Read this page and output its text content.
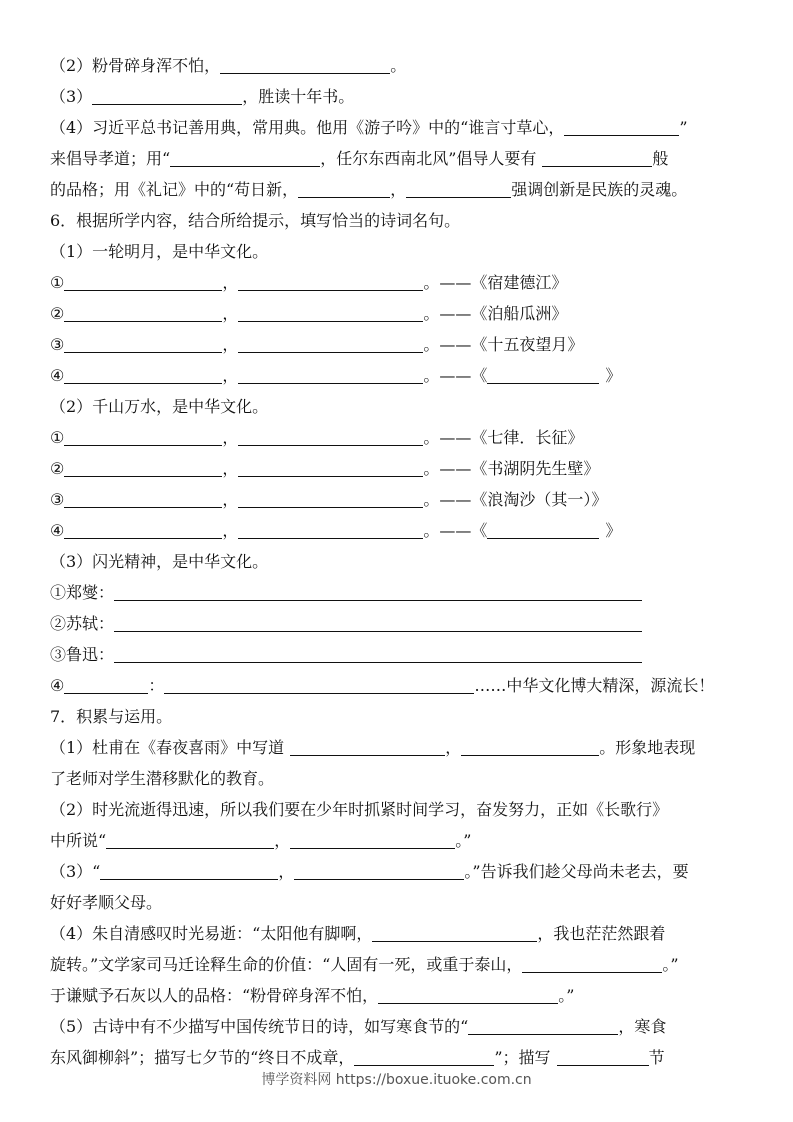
（2）粉骨碎身浑不怕，	。
（3）	，胜读十年书。
（4）习近平总书记善用典，常用典。他用《游子吟》中的“谁言寸草心，	”
来倡导孝道；用“	，任尔东西南北风”倡导人要有	般
的品格；用《礼记》中的“苟日新，	，	强调创新是民族的灵魂。
6．根据所学内容，结合所给提示，填写恰当的诗词名句。
（1）一轮明月，是中华文化。
①	，	。——《宿建德江》
②	，	。——《泊船瓜洲》
③	，	。——《十五夜望月》
④	，	。——《	》
（2）千山万水，是中华文化。
①	，	。——《七律．长征》
②	，	。——《书湖阴先生壁》
③	，	。——《浪淘沙（其一）》
④	，	。——《	》
（3）闪光精神，是中华文化。
①郑燮：
②苏轼：
③鲁迅：
④	：	……中华文化博大精深，源流长！
7．积累与运用。
（1）杜甫在《春夜喜雨》中写道	，	。形象地表现
了老师对学生潜移默化的教育。
（2）时光流逝得迅速，所以我们要在少年时抓紧时间学习，奋发努力，正如《长歌行》
中所说“	，	。”
（3）“	，	。”告诉我们趁父母尚未老去，要
好好孝顺父母。
（4）朱自清感叹时光易逝：“太阳他有脚啊，	，我也茫茫然跟着
旋转。”文学家司马迁诠释生命的价值：“人固有一死，或重于泰山，	。”
于谦赋予石灰以人的品格：“粉骨碎身浑不怕，	。”
（5）古诗中有不少描写中国传统节日的诗，如写寒食节的“	，寒食
东风御柳斜”；描写七夕节的“终日不成章，	”；描写	节
博学资料网 https://boxue.ituoke.com.cn
